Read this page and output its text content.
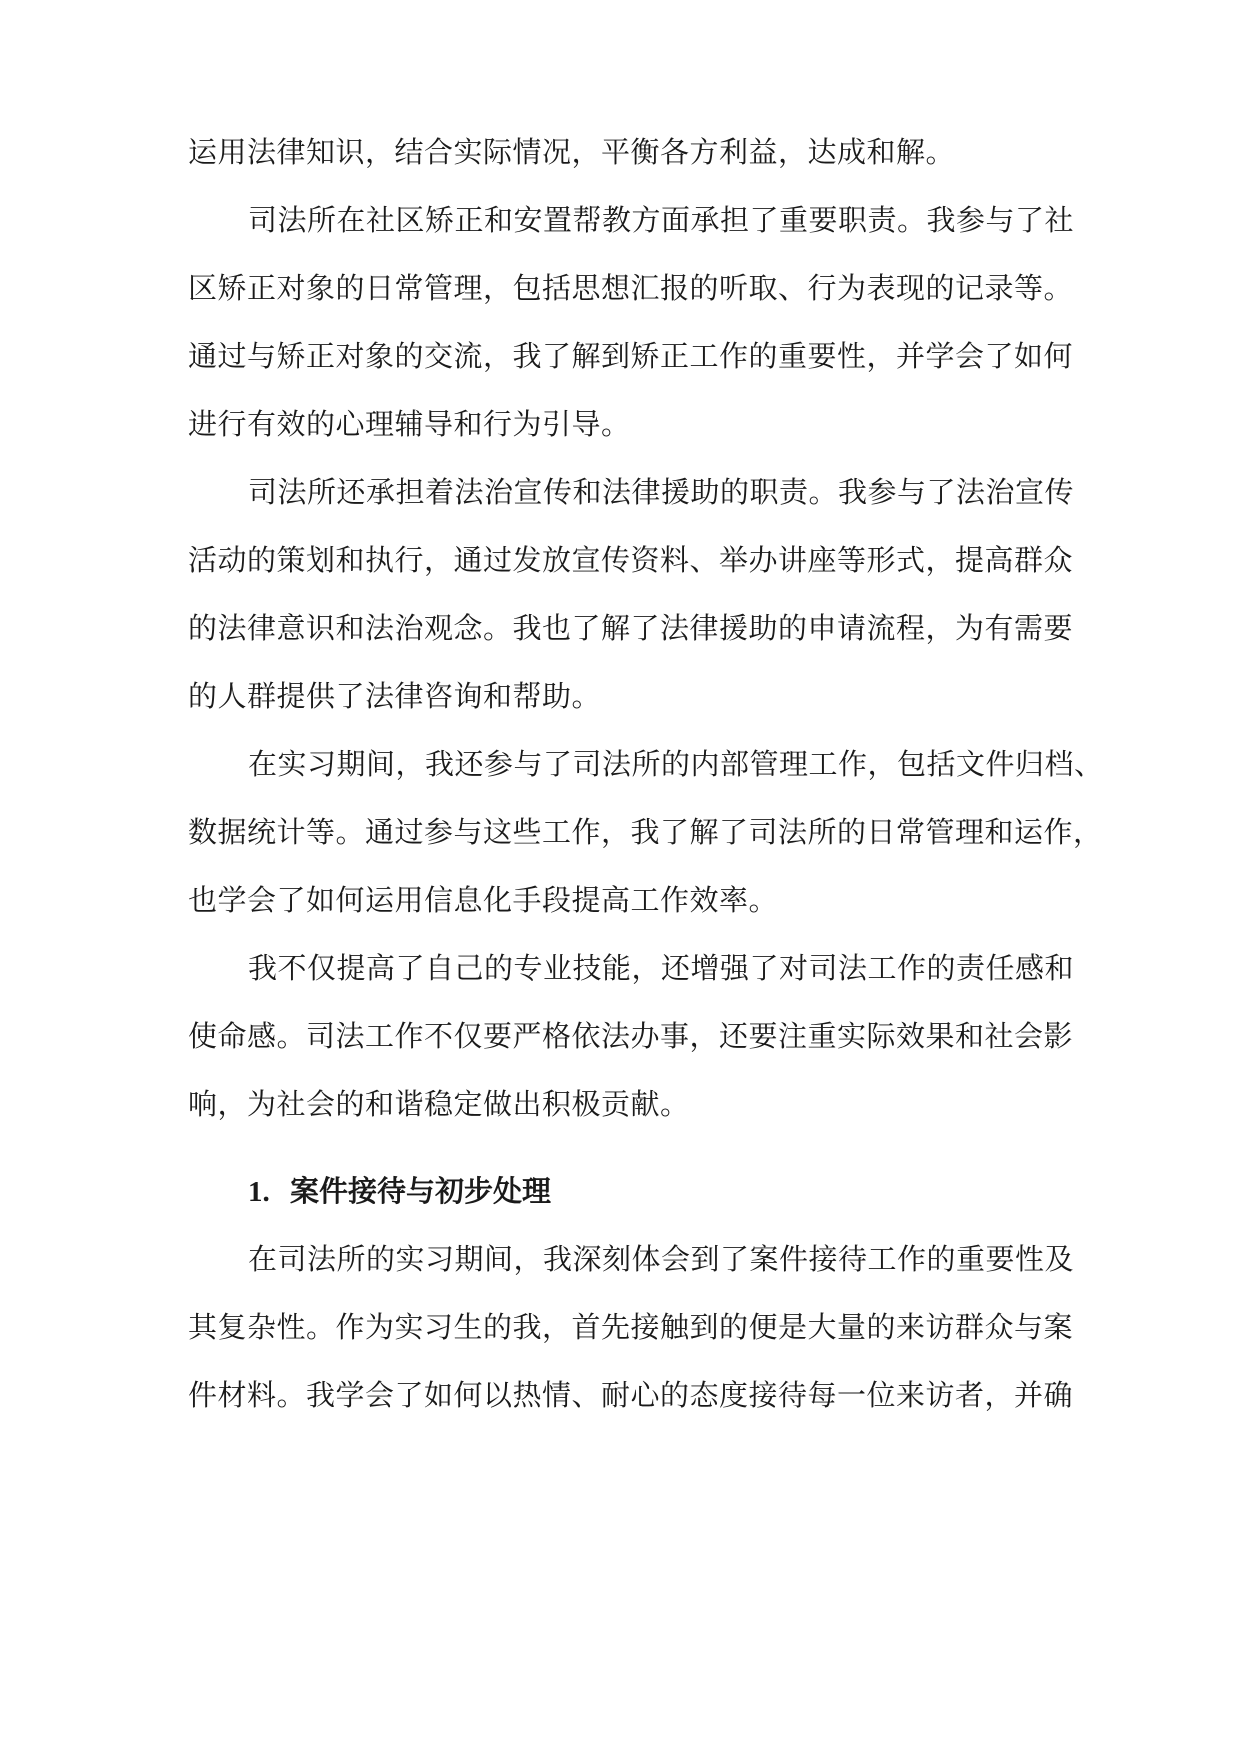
运用法律知识，结合实际情况，平衡各方利益，达成和解。
司法所在社区矫正和安置帮教方面承担了重要职责。我参与了社
区矫正对象的日常管理，包括思想汇报的听取、行为表现的记录等。
通过与矫正对象的交流，我了解到矫正工作的重要性，并学会了如何
进行有效的心理辅导和行为引导。
司法所还承担着法治宣传和法律援助的职责。我参与了法治宣传
活动的策划和执行，通过发放宣传资料、举办讲座等形式，提高群众
的法律意识和法治观念。我也了解了法律援助的申请流程，为有需要
的人群提供了法律咨询和帮助。
在实习期间，我还参与了司法所的内部管理工作，包括文件归档、
数据统计等。通过参与这些工作，我了解了司法所的日常管理和运作，
也学会了如何运用信息化手段提高工作效率。
我不仅提高了自己的专业技能，还增强了对司法工作的责任感和
使命感。司法工作不仅要严格依法办事，还要注重实际效果和社会影
响，为社会的和谐稳定做出积极贡献。
1. 案件接待与初步处理
在司法所的实习期间，我深刻体会到了案件接待工作的重要性及
其复杂性。作为实习生的我，首先接触到的便是大量的来访群众与案
件材料。我学会了如何以热情、耐心的态度接待每一位来访者，并确
